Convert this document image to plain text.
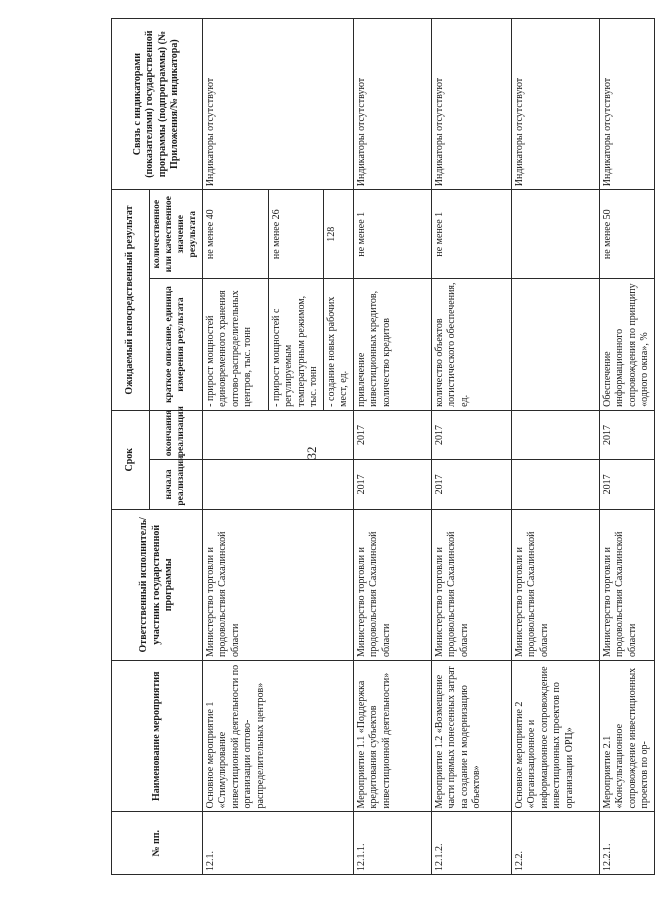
32
№ пп.	Наименование мероприятия	Ответственный исполнитель/участник государственной программы	Срок		Ожидаемый непосредственный результат		Связь с индикаторами (показателями) государственной программы (подпрограммы) (№ Приложения/№ индикатора)
			начала реализации	окончания реализации	краткое описание, единица измерения результата	количественное или качественное значение результата	
12.1.	Основное мероприятие 1 «Стимулирование инвестиционной деятельности по организации оптово-распределительных центров»	Министерство торговли и продовольствия Сахалинской области			- прирост мощностей единовременного хранения оптово-распределительных центров, тыс. тонн	не менее 40	Индикаторы отсутствуют
					- прирост мощностей с регулируемым температурным режимом, тыс. тонн	не менее 26	
					- создание новых рабочих мест, ед.	128	
12.1.1.	Мероприятие 1.1 «Поддержка кредитования субъектов инвестиционной деятельности»	Министерство торговли и продовольствия Сахалинской области	2017	2017	привлечение инвестиционных кредитов, количество кредитов	не менее 1	Индикаторы отсутствуют
12.1.2.	Мероприятие 1.2 «Возмещение части прямых понесенных затрат на создание и модернизацию объектов»	Министерство торговли и продовольствия Сахалинской области	2017	2017	количество объектов логистического обеспечения, ед.	не менее 1	Индикаторы отсутствуют
12.2.	Основное мероприятие 2 «Организационное и информационное сопровождение инвестиционных проектов по организации ОРЦ»	Министерство торговли и продовольствия Сахалинской области					Индикаторы отсутствуют
12.2.1.	Мероприятие 2.1 «Консультационное сопровождение инвестиционных проектов по ор-	Министерство торговли и продовольствия Сахалинской области	2017	2017	Обеспечение информационного сопровождения по принципу «одного окна», %	не менее 50	Индикаторы отсутствуют
